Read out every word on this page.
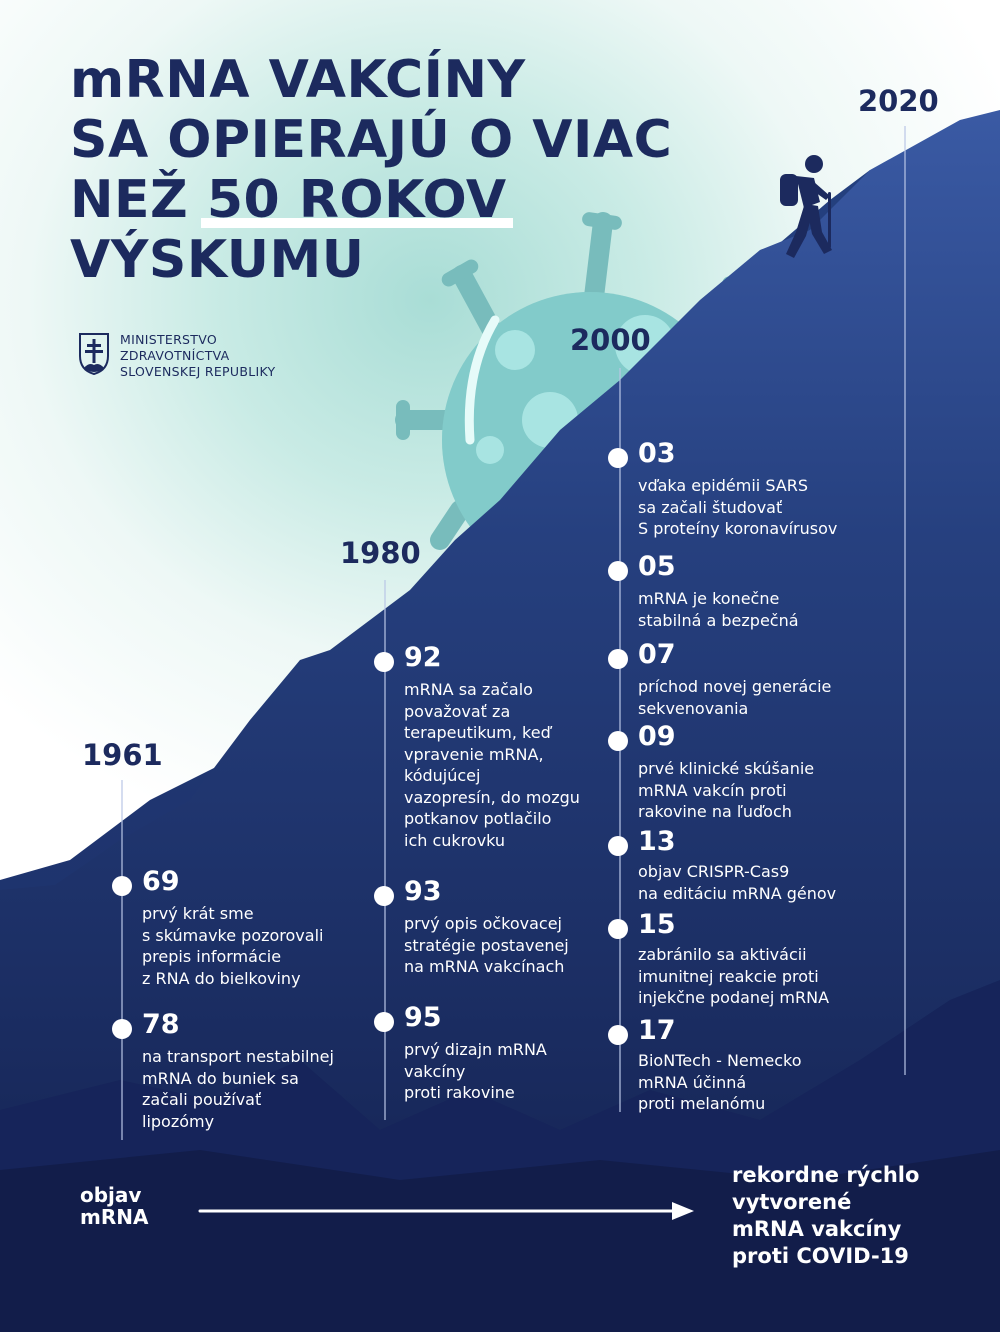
mRNA VAKCÍNY
SA OPIERAJÚ O VIAC
NEŽ 50 ROKOV
VÝSKUMU
MINISTERSTVO
ZDRAVOTNÍCTVA
SLOVENSKEJ REPUBLIKY
1961
1980
2000
2020
69
prvý krát sme
s skúmavke pozorovali
prepis informácie
z RNA do bielkoviny
78
na transport nestabilnej
mRNA do buniek sa
začali používať
lipozómy
92
mRNA sa začalo
považovať za
terapeutikum, keď
vpravenie mRNA,
kódujúcej
vazopresín, do mozgu
potkanov potlačilo
ich cukrovku
93
prvý opis očkovacej
stratégie postavenej
na mRNA vakcínach
95
prvý dizajn mRNA
vakcíny
proti rakovine
03
vďaka epidémii SARS
sa začali študovať
S proteíny koronavírusov
05
mRNA je konečne
stabilná a bezpečná
07
príchod novej generácie
sekvenovania
09
prvé klinické skúšanie
mRNA vakcín proti
rakovine na ľuďoch
13
objav CRISPR-Cas9
na editáciu mRNA génov
15
zabránilo sa aktivácii
imunitnej reakcie proti
injekčne podanej mRNA
17
BioNTech - Nemecko
mRNA účinná
proti melanómu
objav
mRNA
rekordne rýchlo
vytvorené
mRNA vakcíny
proti COVID-19
